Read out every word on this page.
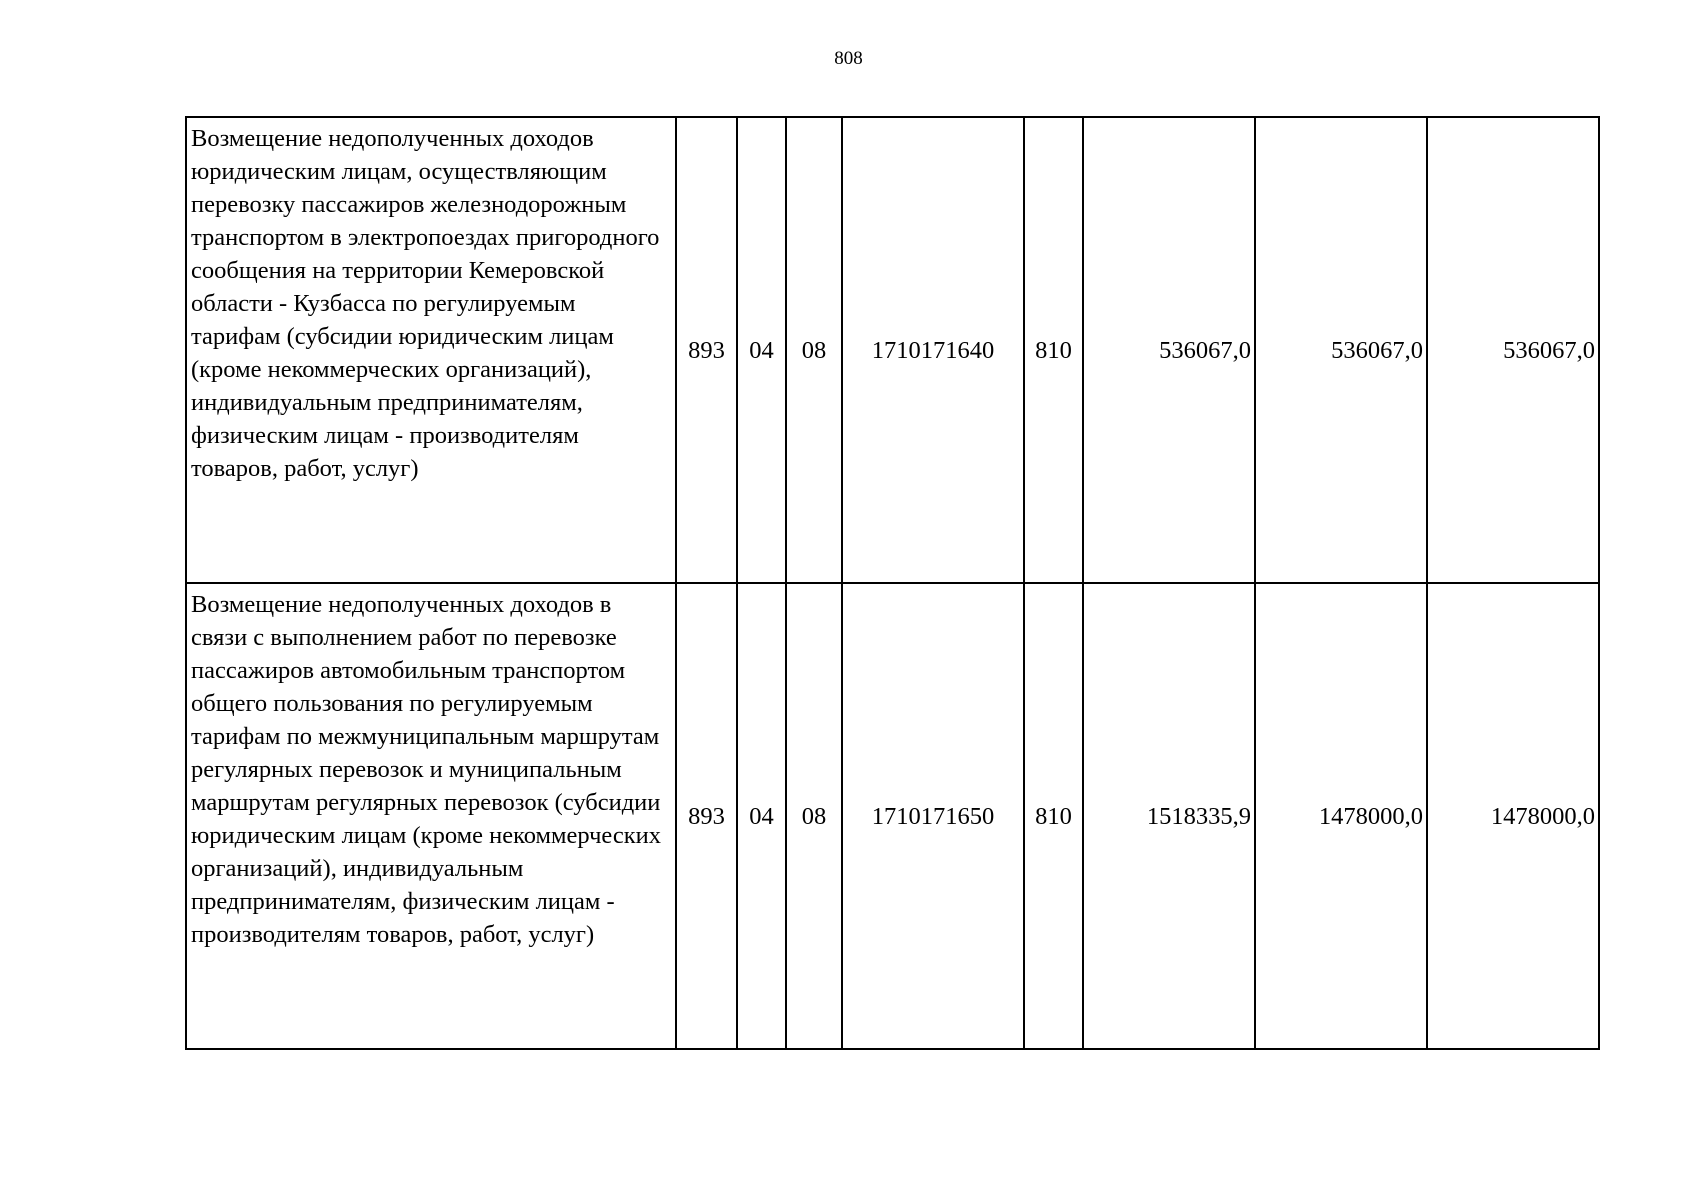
808
Возмещение недополученных доходов юридическим лицам, осуществляющим перевозку пассажиров железнодорожным транспортом в электропоездах пригородного сообщения на территории Кемеровской области - Кузбасса по регулируемым тарифам (субсидии юридическим лицам (кроме некоммерческих организаций), индивидуальным предпринимателям, физическим лицам - производителям товаров, работ, услуг)	893	04	08	1710171640	810	536067,0	536067,0	536067,0
Возмещение недополученных доходов в связи с выполнением работ по перевозке пассажиров автомобильным транспортом общего пользования по регулируемым тарифам по межмуниципальным маршрутам регулярных перевозок и муниципальным маршрутам регулярных перевозок (субсидии юридическим лицам (кроме некоммерческих организаций), индивидуальным предпринимателям, физическим лицам - производителям товаров, работ, услуг)	893	04	08	1710171650	810	1518335,9	1478000,0	1478000,0
